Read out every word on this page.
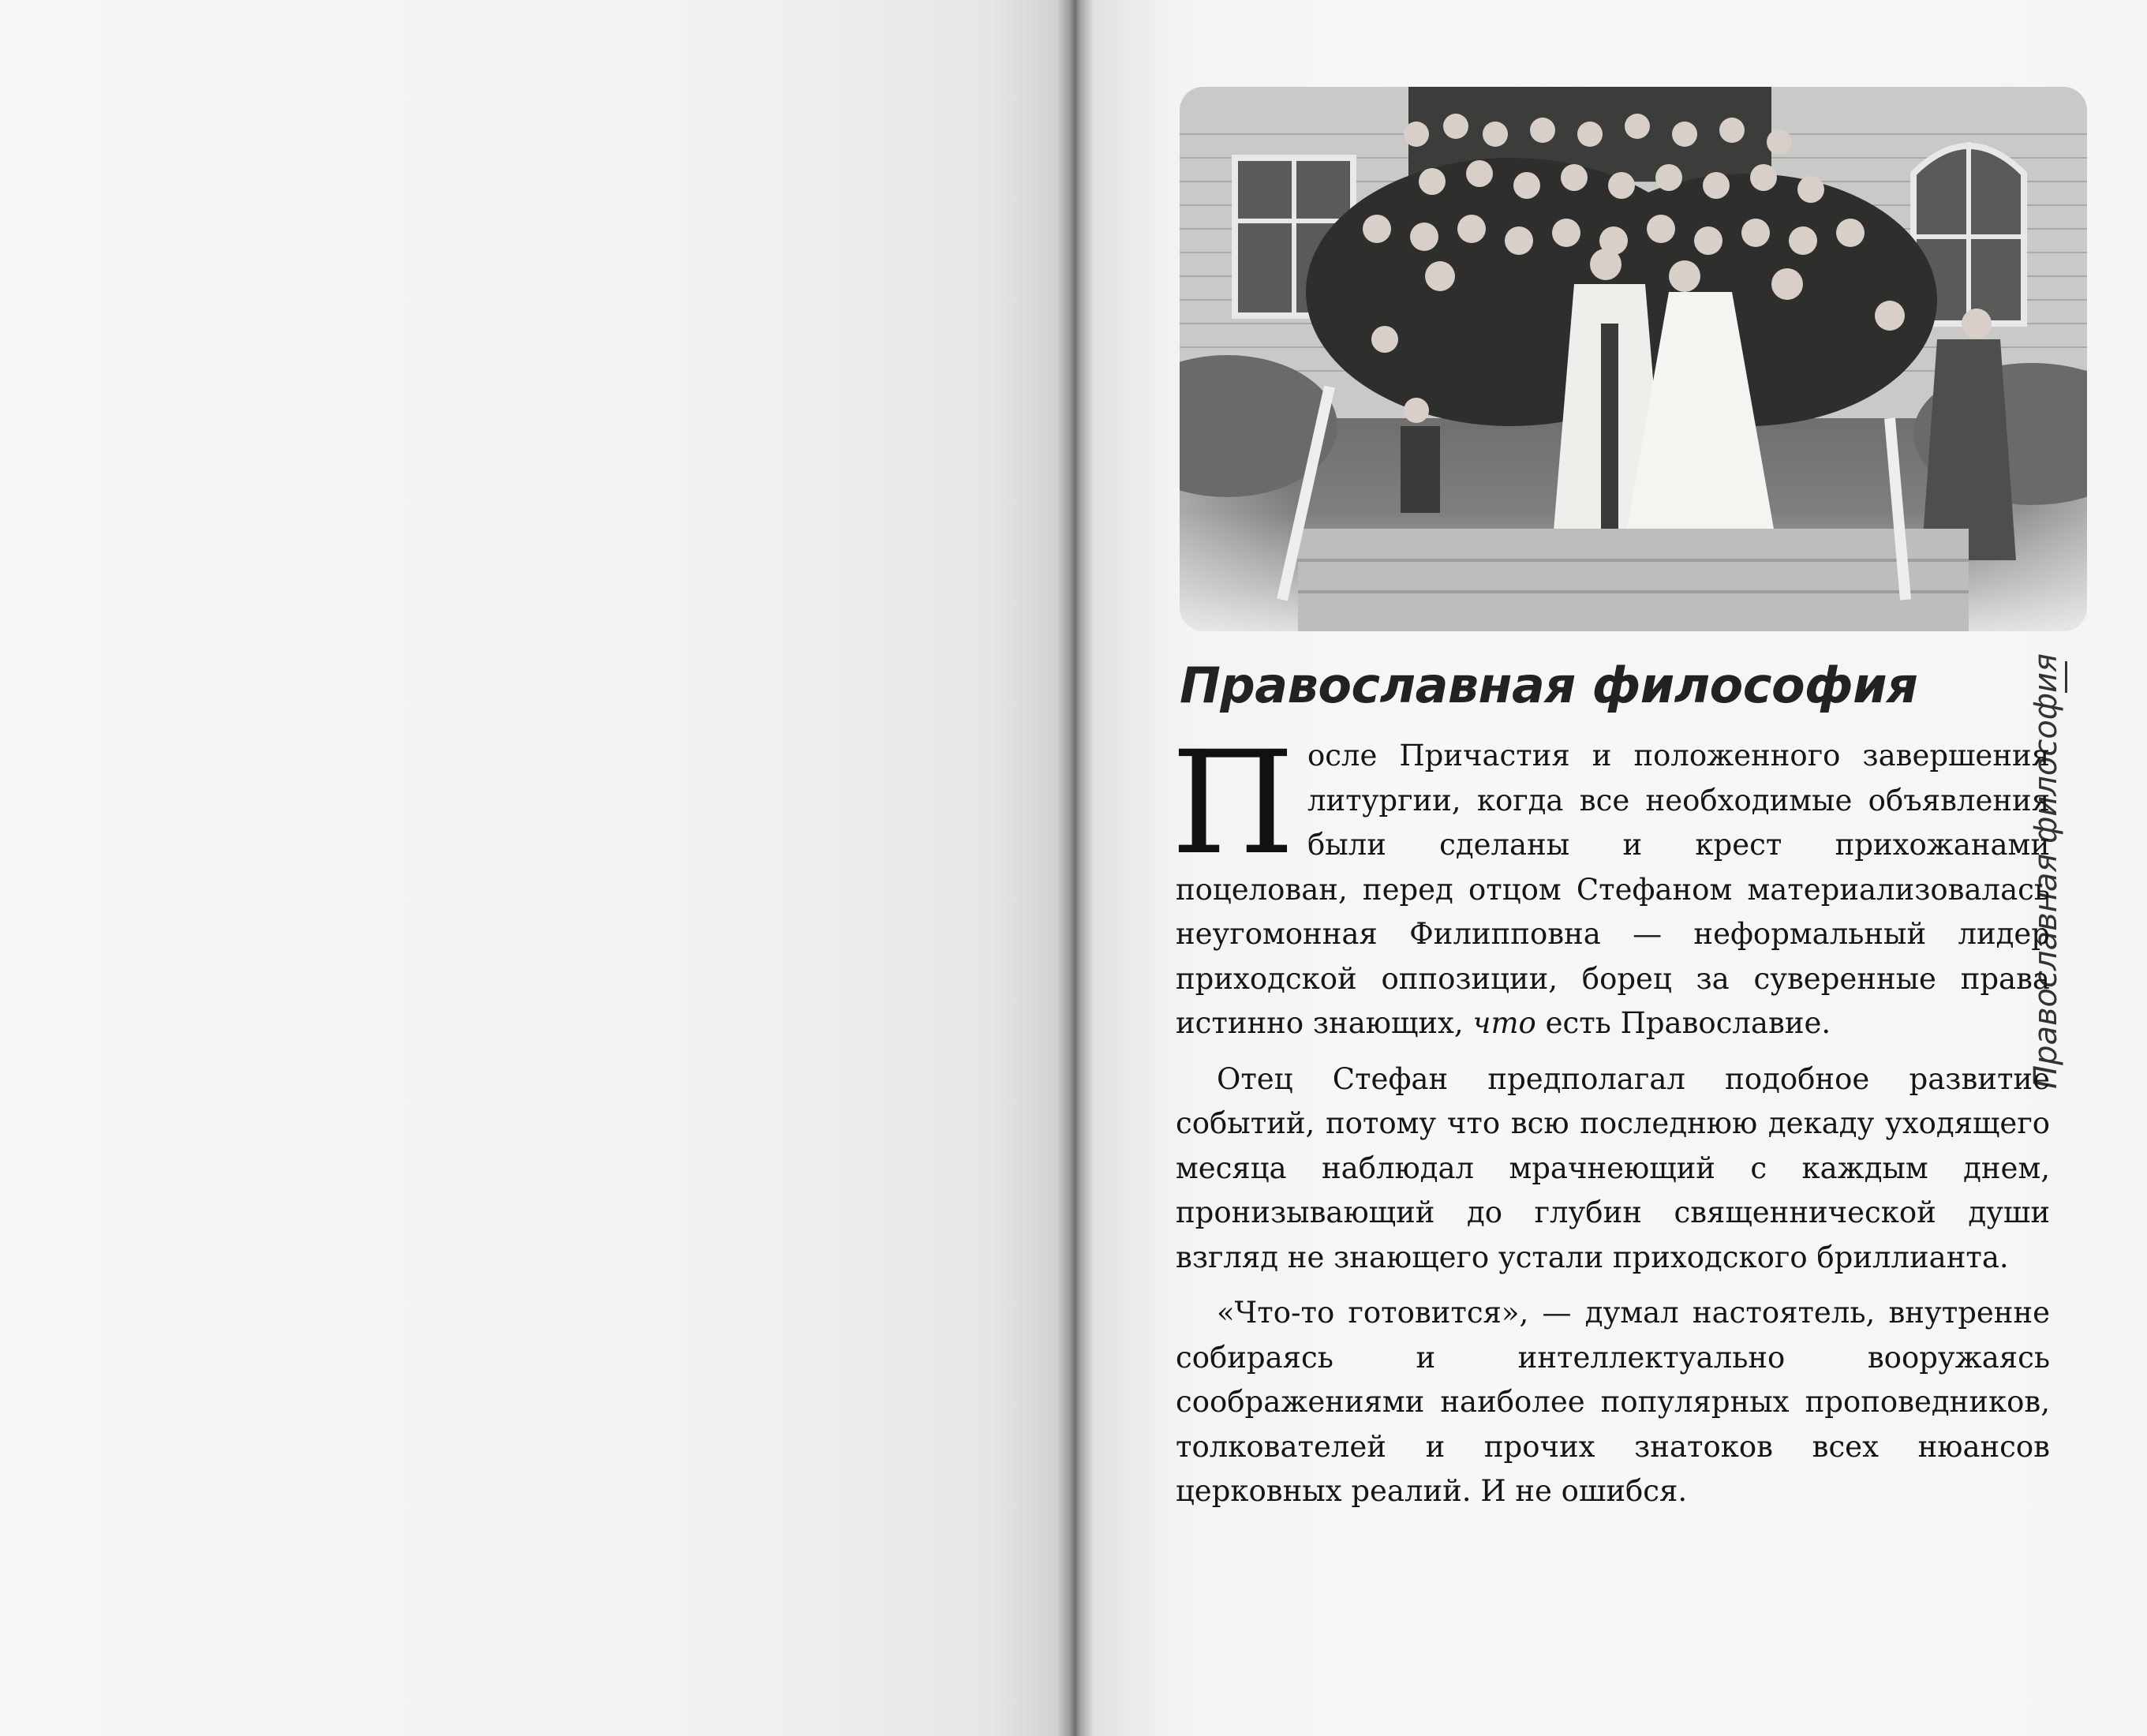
Православная философия	Православная философия

После Причастия и положенного завершения литургии, когда все необходимые объявления были сделаны и крест прихожанами поцелован, перед отцом Стефаном материализовалась неугомонная Филипповна — неформальный лидер приходской оппозиции, борец за суверенные права истинно знающих, что есть Православие.

Отец Стефан предполагал подобное развитие событий, потому что всю последнюю декаду уходящего месяца наблюдал мрачнеющий с каждым днем, пронизывающий до глубин священнической души взгляд не знающего устали приходского бриллианта.

«Что-то готовится», — думал настоятель, внутренне собираясь и интеллектуально вооружаясь соображениями наиболее популярных проповедников, толкователей и прочих знатоков всех нюансов церковных реалий. И не ошибся.
